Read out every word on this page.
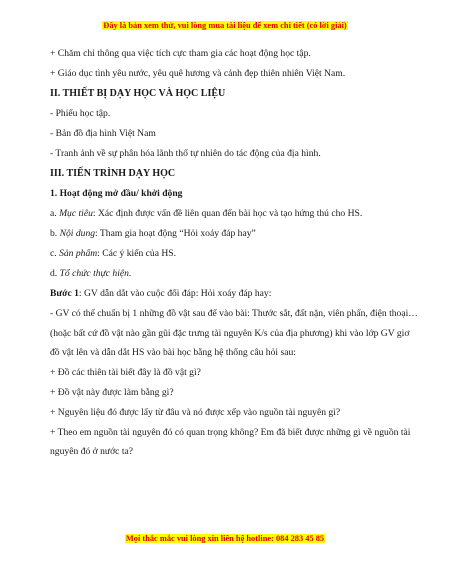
Đây là bản xem thử, vui lòng mua tài liệu để xem chi tiết (có lời giải)
+ Chăm chỉ thông qua việc tích cực tham gia các hoạt động học tập.
+ Giáo dục tình yêu nước, yêu quê hương và cảnh đẹp thiên nhiên Việt Nam.
II. THIẾT BỊ DẠY HỌC VÀ HỌC LIỆU
- Phiếu học tập.
- Bản đồ địa hình Việt Nam
- Tranh ảnh về sự phân hóa lãnh thổ tự nhiên do tác động của địa hình.
III. TIẾN TRÌNH DẠY HỌC
1. Hoạt động mở đầu/ khởi động
a. Mục tiêu: Xác định được vấn đề liên quan đến bài học và tạo hứng thú cho HS.
b. Nội dung: Tham gia hoạt động “Hỏi xoáy đáp hay”
c. Sản phẩm: Các ý kiến của HS.
d. Tổ chức thực hiện.
Bước 1: GV dẫn dắt vào cuộc đối đáp: Hỏi xoáy đáp hay:
- GV có thể chuẩn bị 1 những đồ vật sau để vào bài: Thước sắt, đất nặn, viên phấn, điện thoại…(hoặc bất cứ đồ vật nào gần gũi đặc trưng tài nguyên K/s của địa phương) khi vào lớp GV giơ đồ vật lên và dẫn dắt HS vào bài học bằng hệ thống câu hỏi sau:
+ Đồ các thiên tài biết đây là đồ vật gì?
+ Đồ vật này được làm bằng gì?
+ Nguyên liệu đó được lấy từ đâu và nó được xếp vào nguồn tài nguyên gì?
+ Theo em nguồn tài nguyên đó có quan trọng không? Em đã biết được những gì về nguồn tài nguyên đó ở nước ta?
Mọi thắc mắc vui lòng xin liên hệ hotline: 084 283 45 85
